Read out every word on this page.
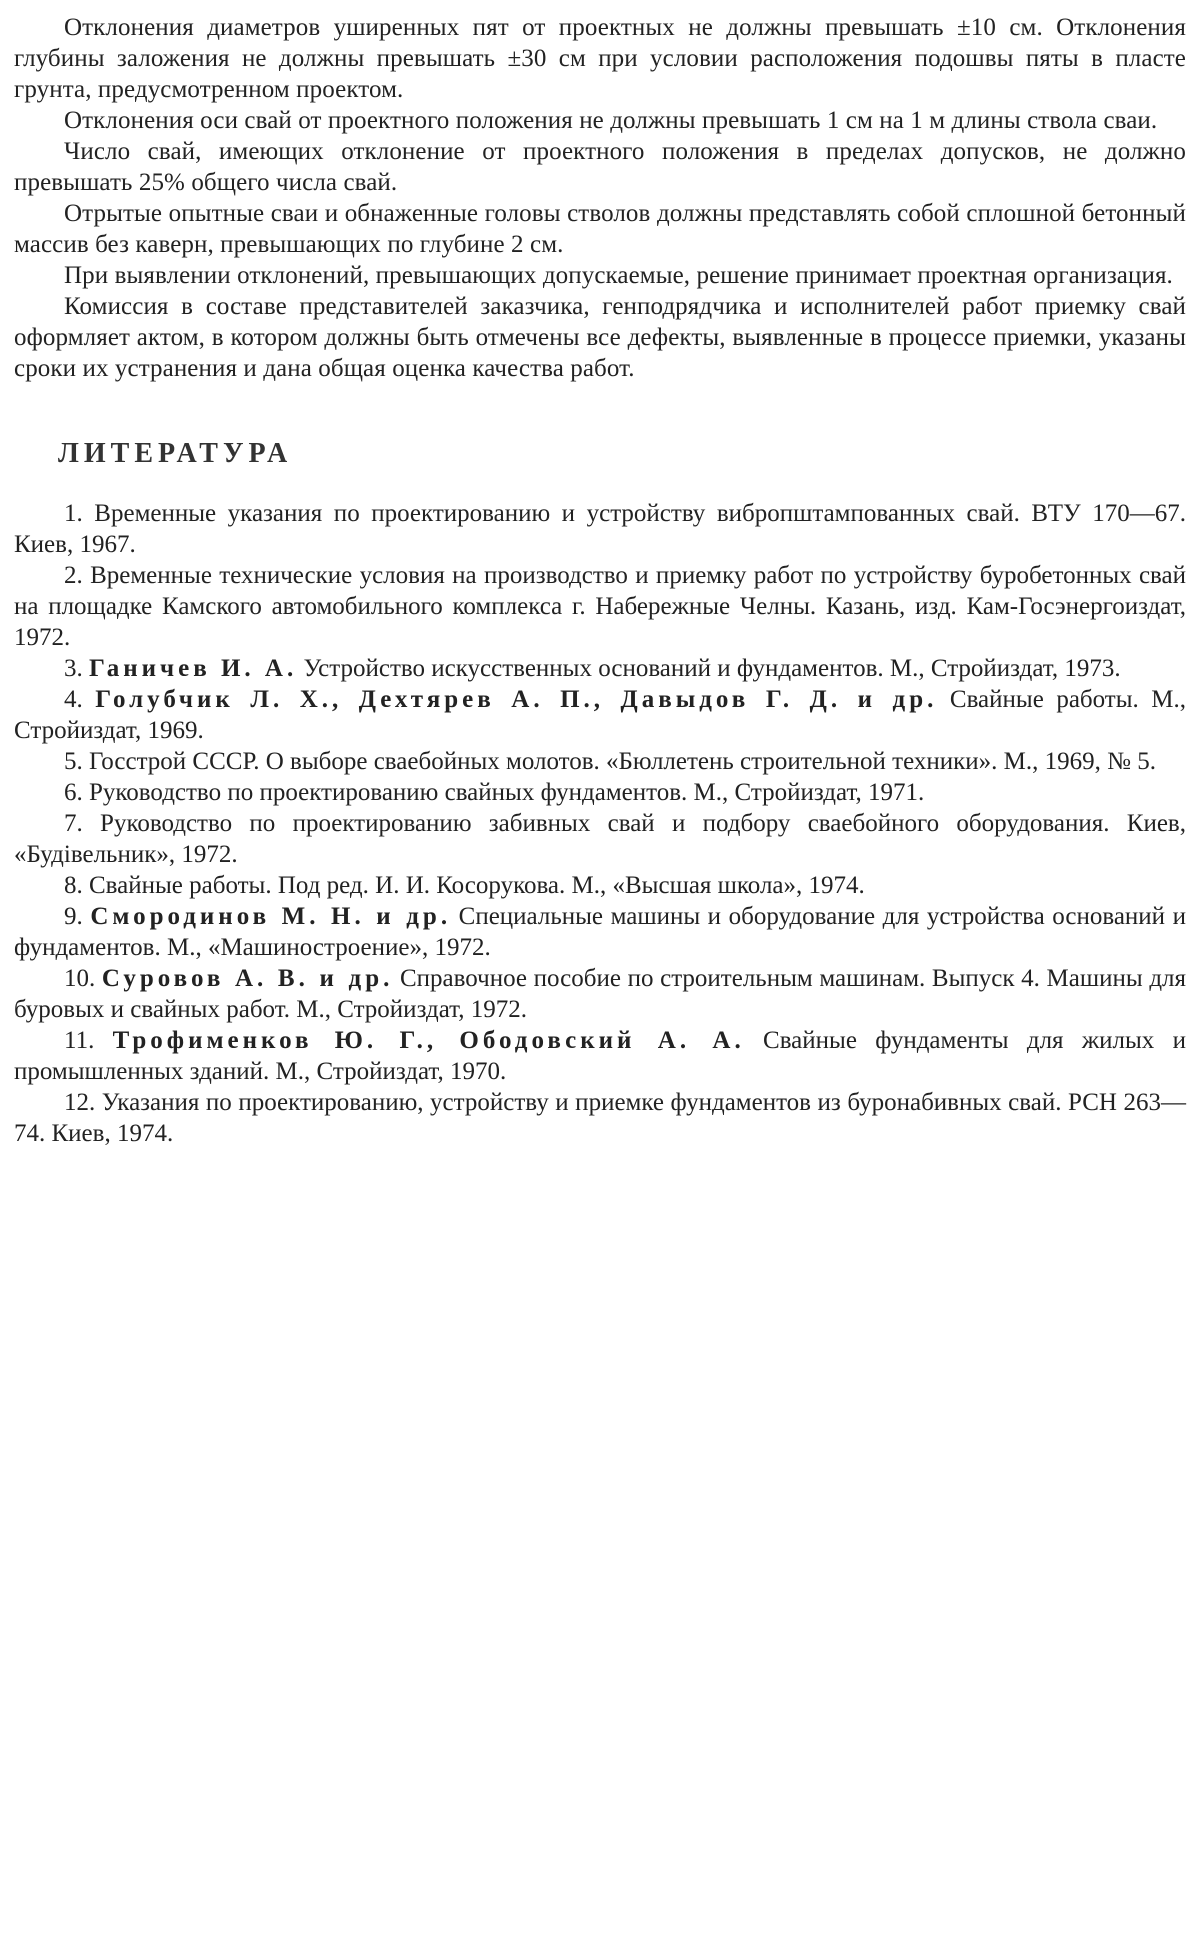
Отклонения диаметров уширенных пят от проектных не должны превышать ±10 см. Отклонения глубины заложения не должны превышать ±30 см при условии расположения подошвы пяты в пласте грунта, предусмотренном проектом.

Отклонения оси свай от проектного положения не должны превышать 1 см на 1 м длины ствола сваи.

Число свай, имеющих отклонение от проектного положения в пределах допусков, не должно превышать 25% общего числа свай.

Отрытые опытные сваи и обнаженные головы стволов должны представлять собой сплошной бетонный массив без каверн, превышающих по глубине 2 см.

При выявлении отклонений, превышающих допускаемые, решение принимает проектная организация.

Комиссия в составе представителей заказчика, генподрядчика и исполнителей работ приемку свай оформляет актом, в котором должны быть отмечены все дефекты, выявленные в процессе приемки, указаны сроки их устранения и дана общая оценка качества работ.

ЛИТЕРАТУРА

1. Временные указания по проектированию и устройству вибропштампованных свай. ВТУ 170—67. Киев, 1967.

2. Временные технические условия на производство и приемку работ по устройству буробетонных свай на площадке Камского автомобильного комплекса г. Набережные Челны. Казань, изд. Кам-Госэнергоиздат, 1972.

3. Ганичев И. А. Устройство искусственных оснований и фундаментов. М., Стройиздат, 1973.

4. Голубчик Л. Х., Дехтярев А. П., Давыдов Г. Д. и др. Свайные работы. М., Стройиздат, 1969.

5. Госстрой СССР. О выборе сваебойных молотов. «Бюллетень строительной техники». М., 1969, № 5.

6. Руководство по проектированию свайных фундаментов. М., Стройиздат, 1971.

7. Руководство по проектированию забивных свай и подбору сваебойного оборудования. Киев, «Будівельник», 1972.

8. Свайные работы. Под ред. И. И. Косорукова. М., «Высшая школа», 1974.

9. Смородинов М. Н. и др. Специальные машины и оборудование для устройства оснований и фундаментов. М., «Машиностроение», 1972.

10. Суровов А. В. и др. Справочное пособие по строительным машинам. Выпуск 4. Машины для буровых и свайных работ. М., Стройиздат, 1972.

11. Трофименков Ю. Г., Ободовский А. А. Свайные фундаменты для жилых и промышленных зданий. М., Стройиздат, 1970.

12. Указания по проектированию, устройству и приемке фундаментов из буронабивных свай. РСН 263—74. Киев, 1974.
